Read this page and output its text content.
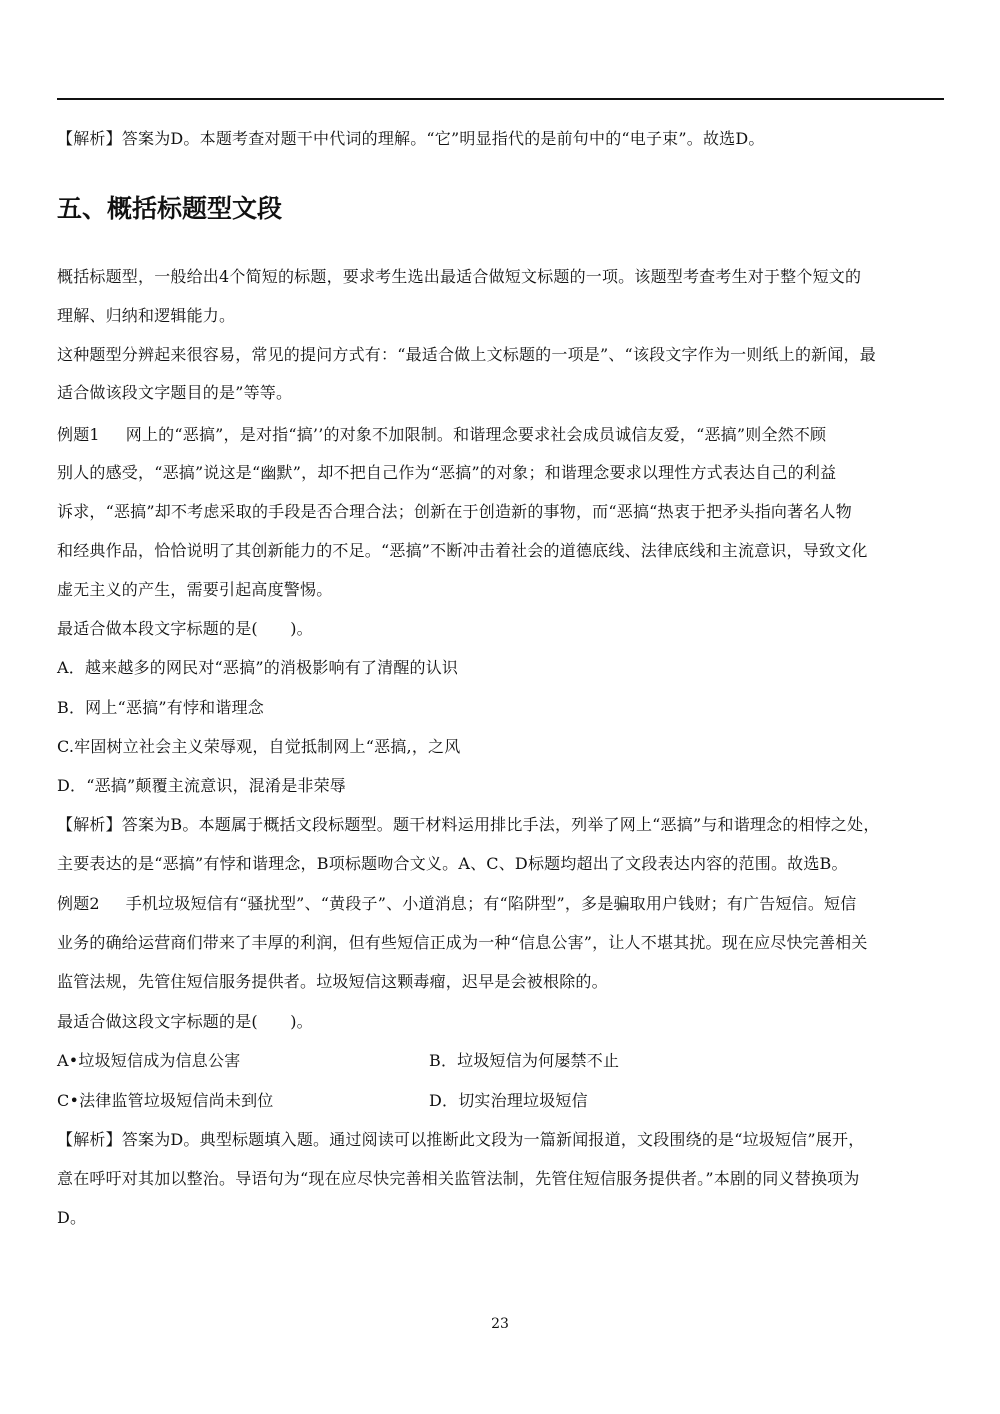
【解析】答案为D。本题考查对题干中代词的理解。“它”明显指代的是前句中的“电子束”。故选D。
五、概括标题型文段
概括标题型，一般给出4个简短的标题，要求考生选出最适合做短文标题的一项。该题型考查考生对于整个短文的
理解、归纳和逻辑能力。
这种题型分辨起来很容易，常见的提问方式有：“最适合做上文标题的一项是”、“该段文字作为一则纸上的新闻，最
适合做该段文字题目的是”等等。
例题1 网上的“恶搞”，是对指“搞’’的对象不加限制。和谐理念要求社会成员诚信友爱，“恶搞”则全然不顾
别人的感受，“恶搞”说这是“幽默”，却不把自己作为“恶搞”的对象；和谐理念要求以理性方式表达自己的利益
诉求，“恶搞”却不考虑采取的手段是否合理合法；创新在于创造新的事物，而“恶搞“热衷于把矛头指向著名人物
和经典作品，恰恰说明了其创新能力的不足。“恶搞”不断冲击着社会的道德底线、法律底线和主流意识，导致文化
虚无主义的产生，需要引起高度警惕。
最适合做本段文字标题的是(　　)。
A．越来越多的网民对“恶搞”的消极影响有了清醒的认识
B．网上“恶搞”有悖和谐理念
C.牢固树立社会主义荣辱观，自觉抵制网上“恶搞,，之风
D．“恶搞”颠覆主流意识，混淆是非荣辱
【解析】答案为B。本题属于概括文段标题型。题干材料运用排比手法，列举了网上“恶搞”与和谐理念的相悖之处，
主要表达的是“恶搞”有悖和谐理念，B项标题吻合文义。A、C、D标题均超出了文段表达内容的范围。故选B。
例题2 手机垃圾短信有“骚扰型”、“黄段子”、小道消息；有“陷阱型”，多是骗取用户钱财；有广告短信。短信
业务的确给运营商们带来了丰厚的利润，但有些短信正成为一种“信息公害”，让人不堪其扰。现在应尽快完善相关
监管法规，先管住短信服务提供者。垃圾短信这颗毒瘤，迟早是会被根除的。
最适合做这段文字标题的是(　　)。
A•垃圾短信成为信息公害	B．垃圾短信为何屡禁不止
C•法律监管垃圾短信尚未到位	D．切实治理垃圾短信
【解析】答案为D。典型标题填入题。通过阅读可以推断此文段为一篇新闻报道，文段围绕的是“垃圾短信”展开，
意在呼吁对其加以整治。导语句为“现在应尽快完善相关监管法制，先管住短信服务提供者。”本剧的同义替换项为
D。
23
